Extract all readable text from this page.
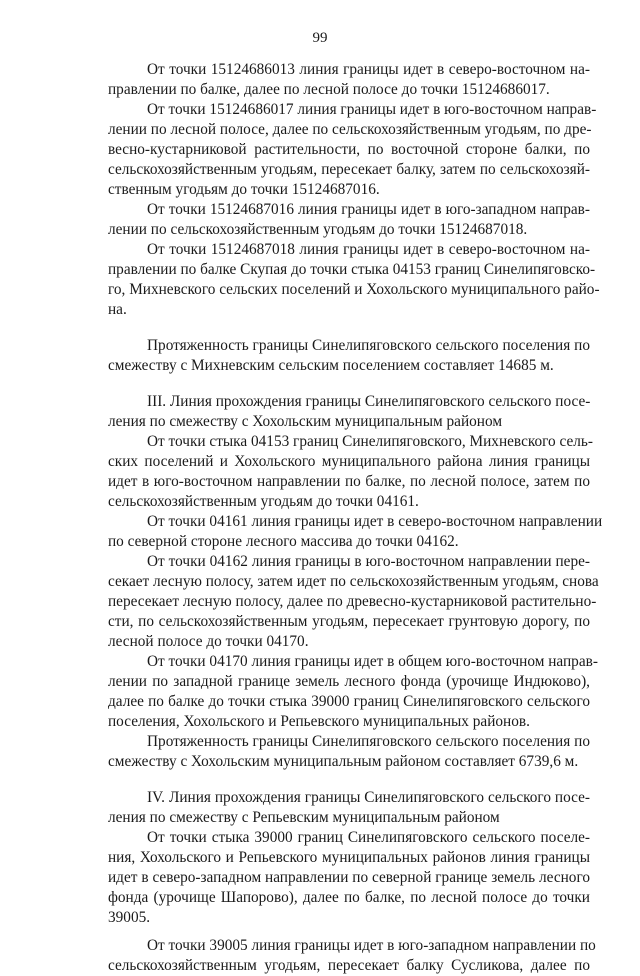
99
От точки 15124686013 линия границы идет в северо-восточном на-
правлении по балке, далее по лесной полосе до точки 15124686017.
От точки 15124686017 линия границы идет в юго-восточном направ-
лении по лесной полосе, далее по сельскохозяйственным угодьям, по дре-
весно-кустарниковой растительности, по восточной стороне балки, по
сельскохозяйственным угодьям, пересекает балку, затем по сельскохозяй-
ственным угодьям до точки 15124687016.
От точки 15124687016 линия границы идет в юго-западном направ-
лении по сельскохозяйственным угодьям до точки 15124687018.
От точки 15124687018 линия границы идет в северо-восточном на-
правлении по балке Скупая до точки стыка 04153 границ Синелипяговско-
го, Михневского сельских поселений и Хохольского муниципального райо-
на.
Протяженность границы Синелипяговского сельского поселения по
смежеству с Михневским сельским поселением составляет 14685 м.
III. Линия прохождения границы Синелипяговского сельского посе-
ления по смежеству с Хохольским муниципальным районом
От точки стыка 04153 границ Синелипяговского, Михневского сель-
ских поселений и Хохольского муниципального района линия границы
идет в юго-восточном направлении по балке, по лесной полосе, затем по
сельскохозяйственным угодьям до точки 04161.
От точки 04161 линия границы идет в северо-восточном направлении
по северной стороне лесного массива до точки 04162.
От точки 04162 линия границы в юго-восточном направлении пере-
секает лесную полосу, затем идет по сельскохозяйственным угодьям, снова
пересекает лесную полосу, далее по древесно-кустарниковой растительно-
сти, по сельскохозяйственным угодьям, пересекает грунтовую дорогу, по
лесной полосе до точки 04170.
От точки 04170 линия границы идет в общем юго-восточном направ-
лении по западной границе земель лесного фонда (урочище Индюково),
далее по балке до точки стыка 39000 границ Синелипяговского сельского
поселения, Хохольского и Репьевского муниципальных районов.
Протяженность границы Синелипяговского сельского поселения по
смежеству с Хохольским муниципальным районом составляет 6739,6 м.
IV. Линия прохождения границы Синелипяговского сельского посе-
ления по смежеству с Репьевским муниципальным районом
От точки стыка 39000 границ Синелипяговского сельского поселе-
ния, Хохольского и Репьевского муниципальных районов линия границы
идет в северо-западном направлении по северной границе земель лесного
фонда (урочище Шапорово), далее по балке, по лесной полосе до точки
39005.
От точки 39005 линия границы идет в юго-западном направлении по
сельскохозяйственным угодьям, пересекает балку Сусликова, далее по
